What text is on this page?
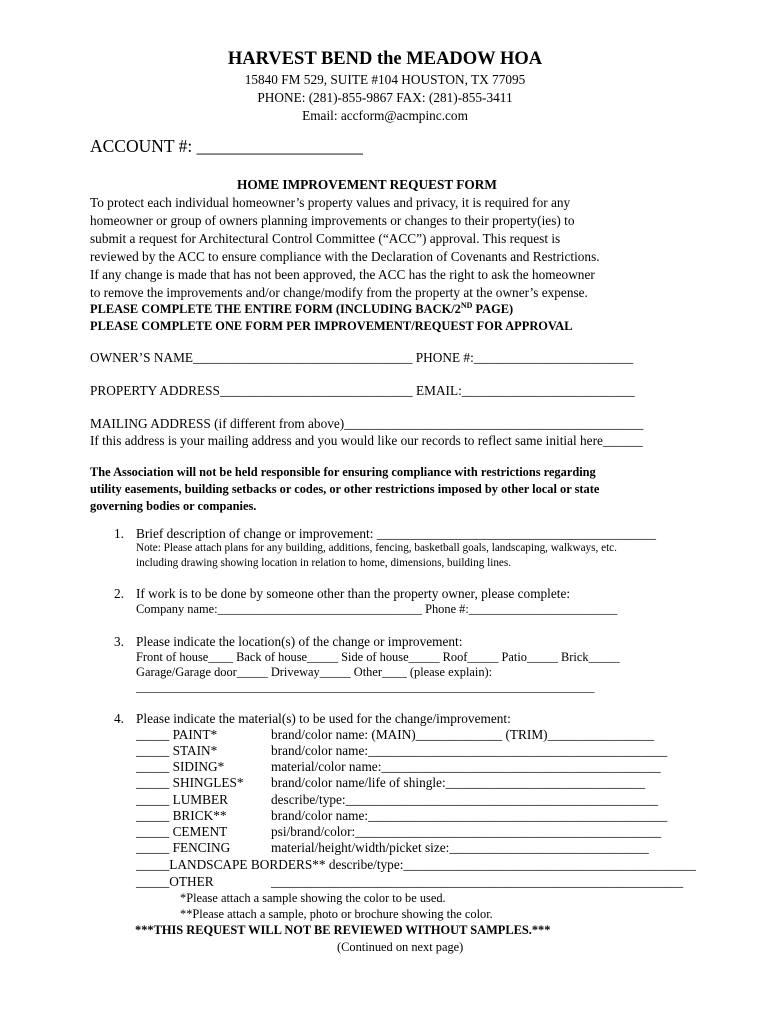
HARVEST BEND the MEADOW HOA
15840 FM 529, SUITE #104 HOUSTON, TX 77095
PHONE: (281)-855-9867 FAX: (281)-855-3411
Email: accform@acmpinc.com
ACCOUNT #: ___________________
HOME IMPROVEMENT REQUEST FORM
To protect each individual homeowner’s property values and privacy, it is required for any
homeowner or group of owners planning improvements or changes to their property(ies) to
submit a request for Architectural Control Committee (“ACC”) approval. This request is
reviewed by the ACC to ensure compliance with the Declaration of Covenants and Restrictions.
If any change is made that has not been approved, the ACC has the right to ask the homeowner
to remove the improvements and/or change/modify from the property at the owner’s expense.
PLEASE COMPLETE THE ENTIRE FORM (INCLUDING BACK/2ND PAGE)
PLEASE COMPLETE ONE FORM PER IMPROVEMENT/REQUEST FOR APPROVAL
OWNER’S NAME_________________________________ PHONE #:________________________
PROPERTY ADDRESS_____________________________ EMAIL:__________________________
MAILING ADDRESS (if different from above)_____________________________________________
If this address is your mailing address and you would like our records to reflect same initial here______
The Association will not be held responsible for ensuring compliance with restrictions regarding
utility easements, building setbacks or codes, or other restrictions imposed by other local or state
governing bodies or companies.
1. Brief description of change or improvement: __________________________________________
Note: Please attach plans for any building, additions, fencing, basketball goals, landscaping, walkways, etc.
including drawing showing location in relation to home, dimensions, building lines.
2. If work is to be done by someone other than the property owner, please complete:
Company name:_________________________________ Phone #:________________________
3. Please indicate the location(s) of the change or improvement:
Front of house____ Back of house_____ Side of house_____ Roof_____ Patio_____ Brick_____
Garage/Garage door_____ Driveway_____ Other____ (please explain):
__________________________________________________________________________
4. Please indicate the material(s) to be used for the change/improvement:
_____ PAINT*	brand/color name: (MAIN)_____________ (TRIM)________________
_____ STAIN*	brand/color name:_____________________________________________
_____ SIDING*	material/color name:__________________________________________
_____ SHINGLES* brand/color name/life of shingle:______________________________
_____ LUMBER	describe/type:_______________________________________________
_____ BRICK**	brand/color name:_____________________________________________
_____ CEMENT	psi/brand/color:______________________________________________
_____ FENCING	material/height/width/picket size:______________________________
_____LANDSCAPE BORDERS** describe/type:____________________________________________
_____OTHER	______________________________________________________________
*Please attach a sample showing the color to be used.
**Please attach a sample, photo or brochure showing the color.
***THIS REQUEST WILL NOT BE REVIEWED WITHOUT SAMPLES.***
(Continued on next page)
